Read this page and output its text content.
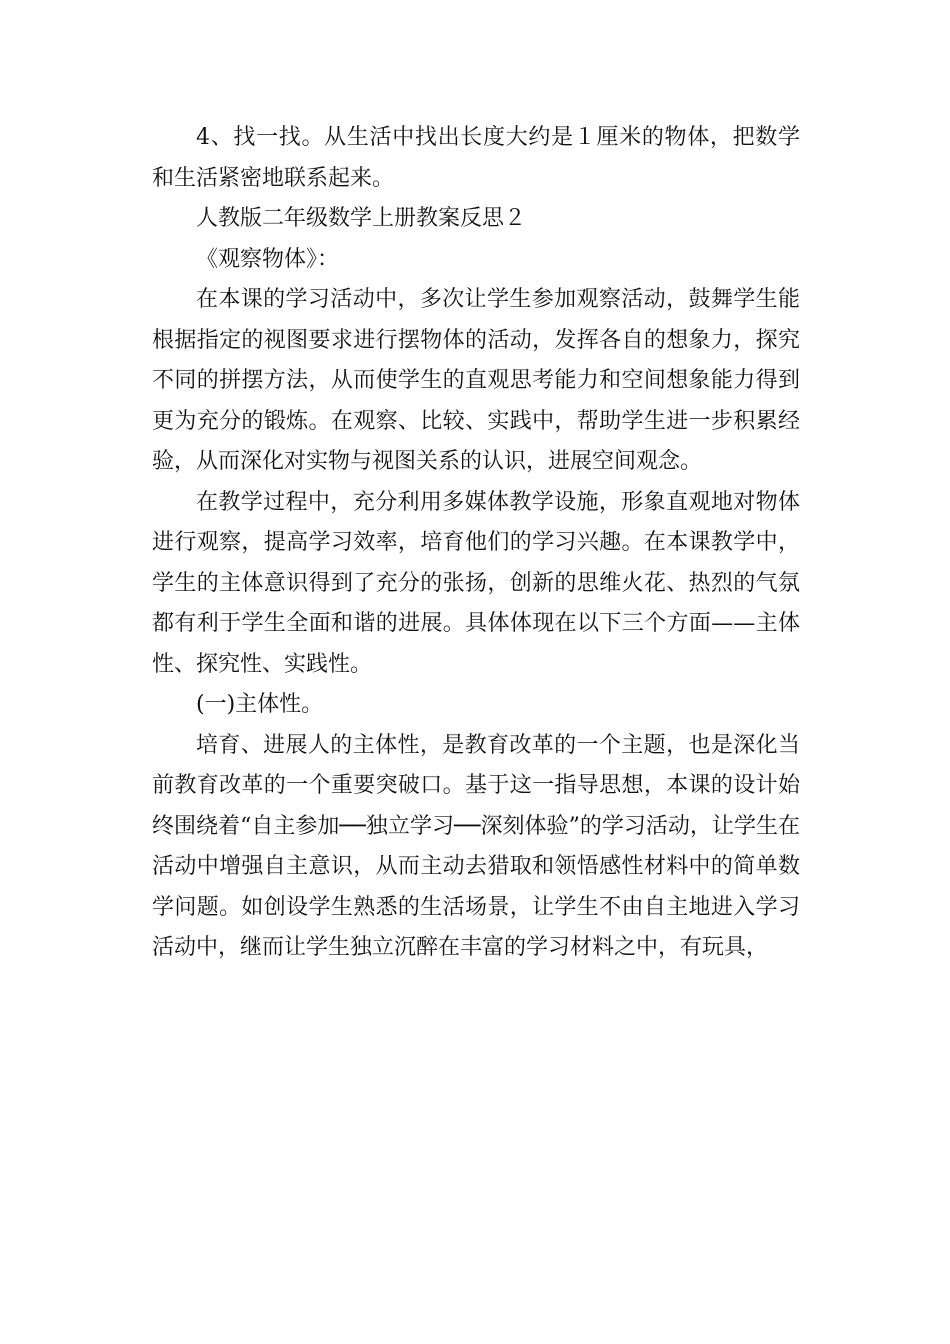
4、找一找。从生活中找出长度大约是１厘米的物体，把数学和生活紧密地联系起来。

人教版二年级数学上册教案反思２

《观察物体》：

在本课的学习活动中，多次让学生参加观察活动，鼓舞学生能根据指定的视图要求进行摆物体的活动，发挥各自的想象力，探究不同的拼摆方法，从而使学生的直观思考能力和空间想象能力得到更为充分的锻炼。在观察、比较、实践中，帮助学生进一步积累经验，从而深化对实物与视图关系的认识，进展空间观念。

在教学过程中，充分利用多媒体教学设施，形象直观地对物体进行观察，提高学习效率，培育他们的学习兴趣。在本课教学中，学生的主体意识得到了充分的张扬，创新的思维火花、热烈的气氛都有利于学生全面和谐的进展。具体体现在以下三个方面——主体性、探究性、实践性。

(一)主体性。

培育、进展人的主体性，是教育改革的一个主题，也是深化当前教育改革的一个重要突破口。基于这一指导思想，本课的设计始终围绕着“自主参加──独立学习──深刻体验”的学习活动，让学生在活动中增强自主意识，从而主动去猎取和领悟感性材料中的简单数学问题。如创设学生熟悉的生活场景，让学生不由自主地进入学习活动中，继而让学生独立沉醉在丰富的学习材料之中，有玩具，
